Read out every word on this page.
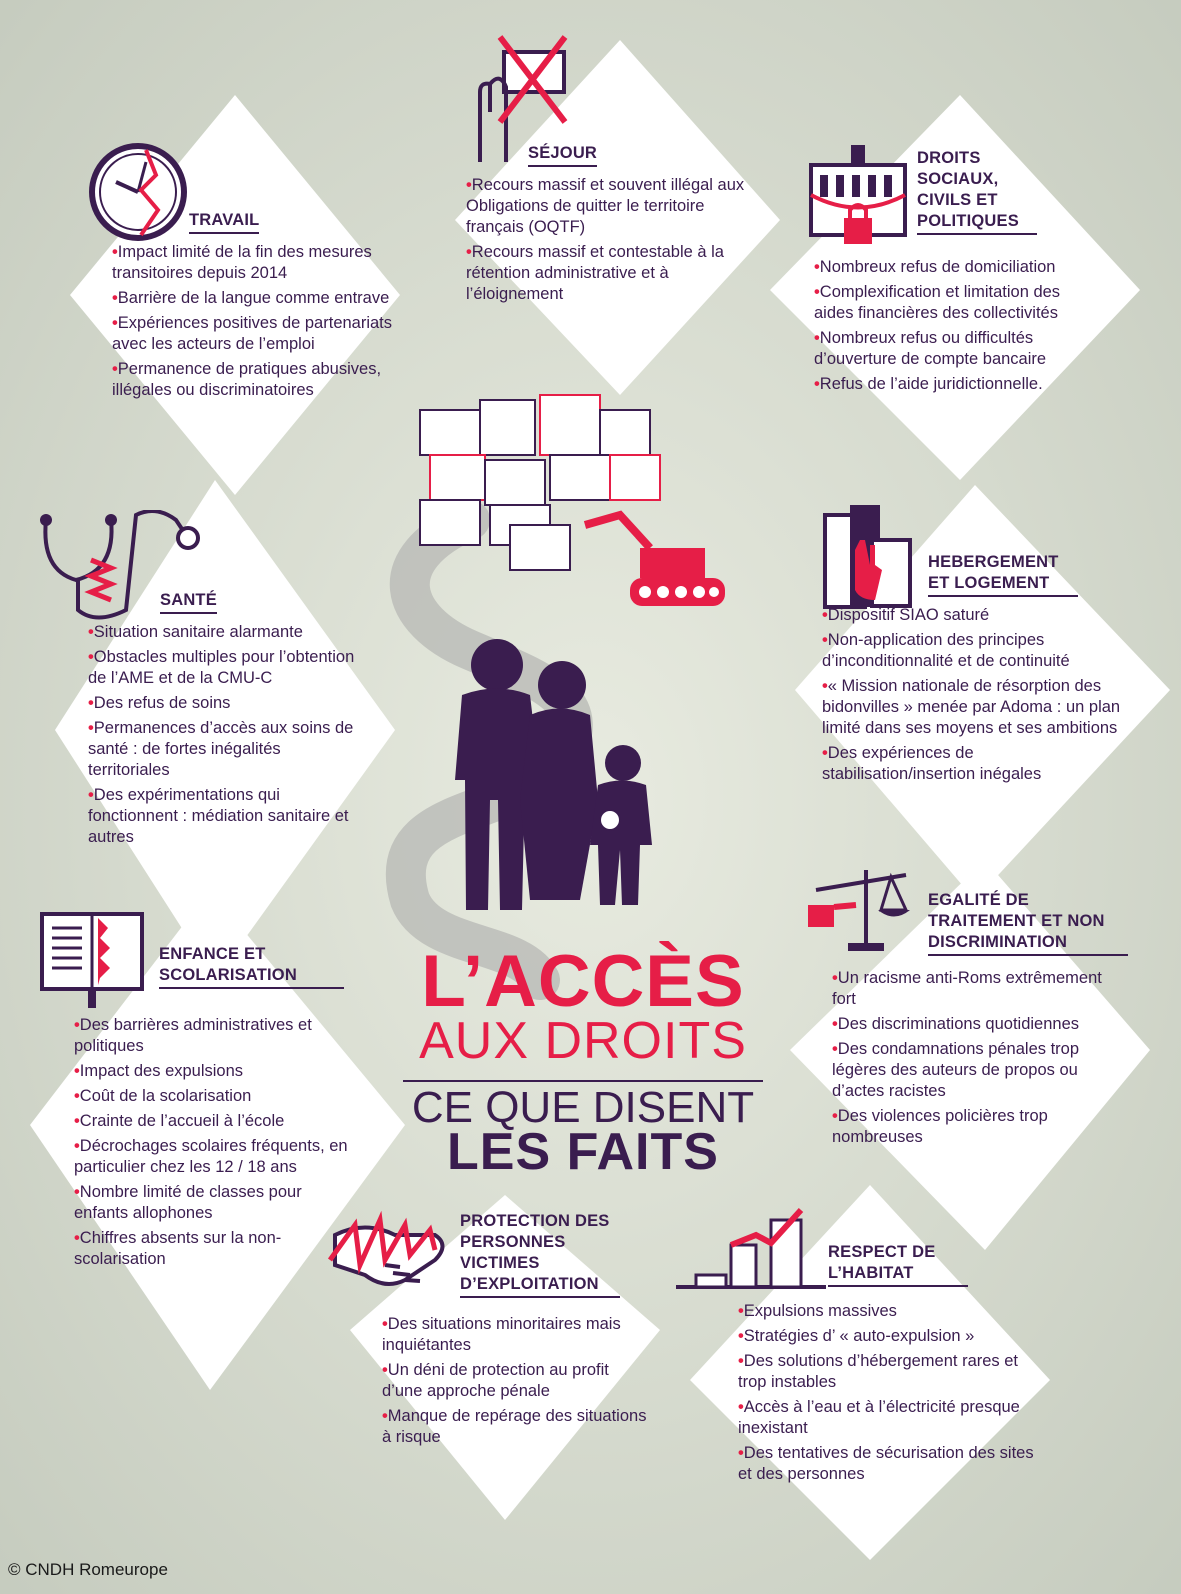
TRAVAIL
• Impact limité de la fin des mesures transitoires depuis 2014
• Barrière de la langue comme entrave
• Expériences positives de partenariats avec les acteurs de l’emploi
• Permanence de pratiques abusives, illégales ou discriminatoires
SÉJOUR
• Recours massif et souvent illégal aux Obligations de quitter le territoire français (OQTF)
• Recours massif et contestable à la rétention administrative et à l’éloignement
DROITS SOCIAUX, CIVILS ET POLITIQUES
• Nombreux refus de domiciliation
• Complexification et limitation des aides financières des collectivités
• Nombreux refus ou difficultés d’ouverture de compte bancaire
• Refus de l’aide juridictionnelle.
SANTÉ
• Situation sanitaire alarmante
• Obstacles multiples pour l’obtention de l’AME et de la CMU-C
• Des refus de soins
• Permanences d’accès aux soins de santé : de fortes inégalités territoriales
• Des expérimentations qui fonctionnent : médiation sanitaire et autres
HEBERGEMENT ET LOGEMENT
• Dispositif SIAO saturé
• Non-application des principes d’inconditionnalité et de continuité
• « Mission nationale de résorption des bidonvilles » menée par Adoma : un plan limité dans ses moyens et ses ambitions
• Des expériences de stabilisation/insertion inégales
ENFANCE ET SCOLARISATION
• Des barrières administratives et politiques
• Impact des expulsions
• Coût de la scolarisation
• Crainte de l’accueil à l’école
• Décrochages scolaires fréquents, en particulier chez les 12 / 18 ans
• Nombre limité de classes pour enfants allophones
• Chiffres absents sur la non-scolarisation
EGALITÉ DE TRAITEMENT ET NON DISCRIMINATION
• Un racisme anti-Roms extrêmement fort
• Des discriminations quotidiennes
• Des condamnations pénales trop légères des auteurs de propos ou d’actes racistes
• Des violences policières trop nombreuses
PROTECTION DES PERSONNES VICTIMES D’EXPLOITATION
• Des situations minoritaires mais inquiétantes
• Un déni de protection au profit d’une approche pénale
• Manque de repérage des situations à risque
RESPECT DE L’HABITAT
• Expulsions massives
• Stratégies d’ « auto-expulsion »
• Des solutions d’hébergement rares et trop instables
• Accès à l’eau et à l’électricité presque inexistant
• Des tentatives de sécurisation des sites et des personnes
L’ACCÈS
AUX DROITS
CE QUE DISENT
LES FAITS
© CNDH Romeurope
